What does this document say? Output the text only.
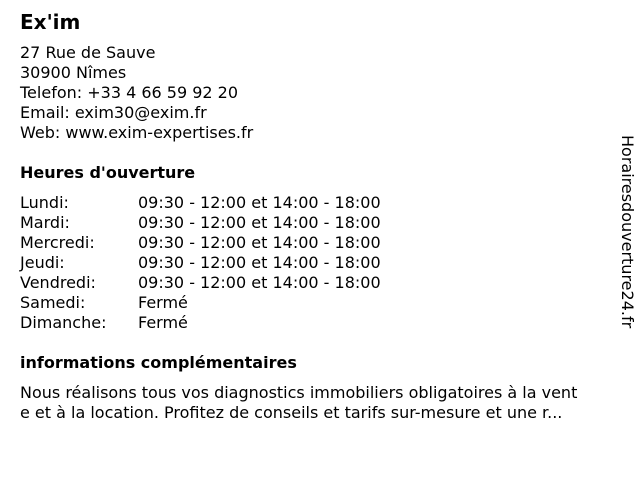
Ex'im
27 Rue de Sauve
30900 Nîmes
Telefon: +33 4 66 59 92 20
Email: exim30@exim.fr
Web: www.exim-expertises.fr
Heures d'ouverture
Lundi:	09:30 - 12:00 et 14:00 - 18:00
Mardi:	09:30 - 12:00 et 14:00 - 18:00
Mercredi:	09:30 - 12:00 et 14:00 - 18:00
Jeudi:	09:30 - 12:00 et 14:00 - 18:00
Vendredi:	09:30 - 12:00 et 14:00 - 18:00
Samedi:	Fermé
Dimanche:	Fermé
informations complémentaires
Nous réalisons tous vos diagnostics immobiliers obligatoires à la vent
e et à la location. Profitez de conseils et tarifs sur-mesure et une r...
Horairesdouverture24.fr
